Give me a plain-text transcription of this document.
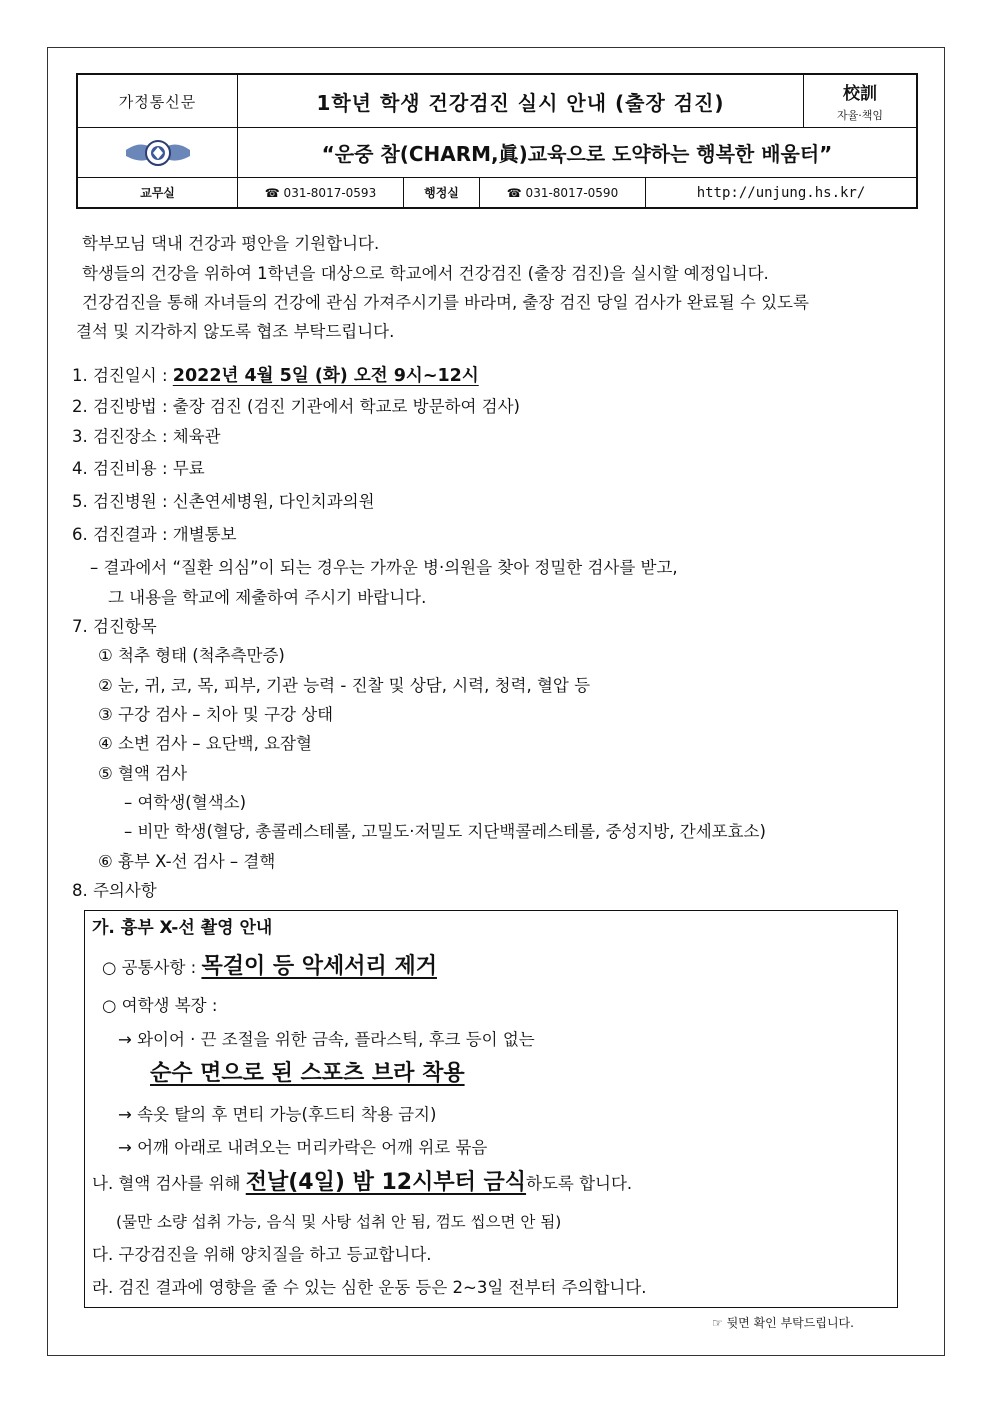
가정통신문	1학년 학생 건강검진 실시 안내 (출장 검진)	校訓
자율·책임
“운중 참(CHARM,眞)교육으로 도약하는 행복한 배움터”
교무실	☎ 031-8017-0593	행정실	☎ 031-8017-0590	http://unjung.hs.kr/
학부모님 댁내 건강과 평안을 기원합니다.
학생들의 건강을 위하여 1학년을 대상으로 학교에서 건강검진 (출장 검진)을 실시할 예정입니다.
건강검진을 통해 자녀들의 건강에 관심 가져주시기를 바라며, 출장 검진 당일 검사가 완료될 수 있도록
결석 및 지각하지 않도록 협조 부탁드립니다.
1. 검진일시 : 2022년 4월 5일 (화) 오전 9시~12시
2. 검진방법 : 출장 검진 (검진 기관에서 학교로 방문하여 검사)
3. 검진장소 : 체육관
4. 검진비용 : 무료
5. 검진병원 : 신촌연세병원, 다인치과의원
6. 검진결과 : 개별통보
– 결과에서 “질환 의심”이 되는 경우는 가까운 병·의원을 찾아 정밀한 검사를 받고,
그 내용을 학교에 제출하여 주시기 바랍니다.
7. 검진항목
① 척추 형태 (척추측만증)
② 눈, 귀, 코, 목, 피부, 기관 능력 - 진찰 및 상담, 시력, 청력, 혈압 등
③ 구강 검사 – 치아 및 구강 상태
④ 소변 검사 – 요단백, 요잠혈
⑤ 혈액 검사
– 여학생(혈색소)
– 비만 학생(혈당, 총콜레스테롤, 고밀도·저밀도 지단백콜레스테롤, 중성지방, 간세포효소)
⑥ 흉부 X-선 검사 – 결핵
8. 주의사항
가. 흉부 X-선 촬영 안내
○ 공통사항 : 목걸이 등 악세서리 제거
○ 여학생 복장 :
→ 와이어 · 끈 조절을 위한 금속, 플라스틱, 후크 등이 없는
순수 면으로 된 스포츠 브라 착용
→ 속옷 탈의 후 면티 가능(후드티 착용 금지)
→ 어깨 아래로 내려오는 머리카락은 어깨 위로 묶음
나. 혈액 검사를 위해 전날(4일) 밤 12시부터 금식하도록 합니다.
(물만 소량 섭취 가능, 음식 및 사탕 섭취 안 됨, 껌도 씹으면 안 됨)
다. 구강검진을 위해 양치질을 하고 등교합니다.
라. 검진 결과에 영향을 줄 수 있는 심한 운동 등은 2~3일 전부터 주의합니다.
☞ 뒷면 확인 부탁드립니다.
